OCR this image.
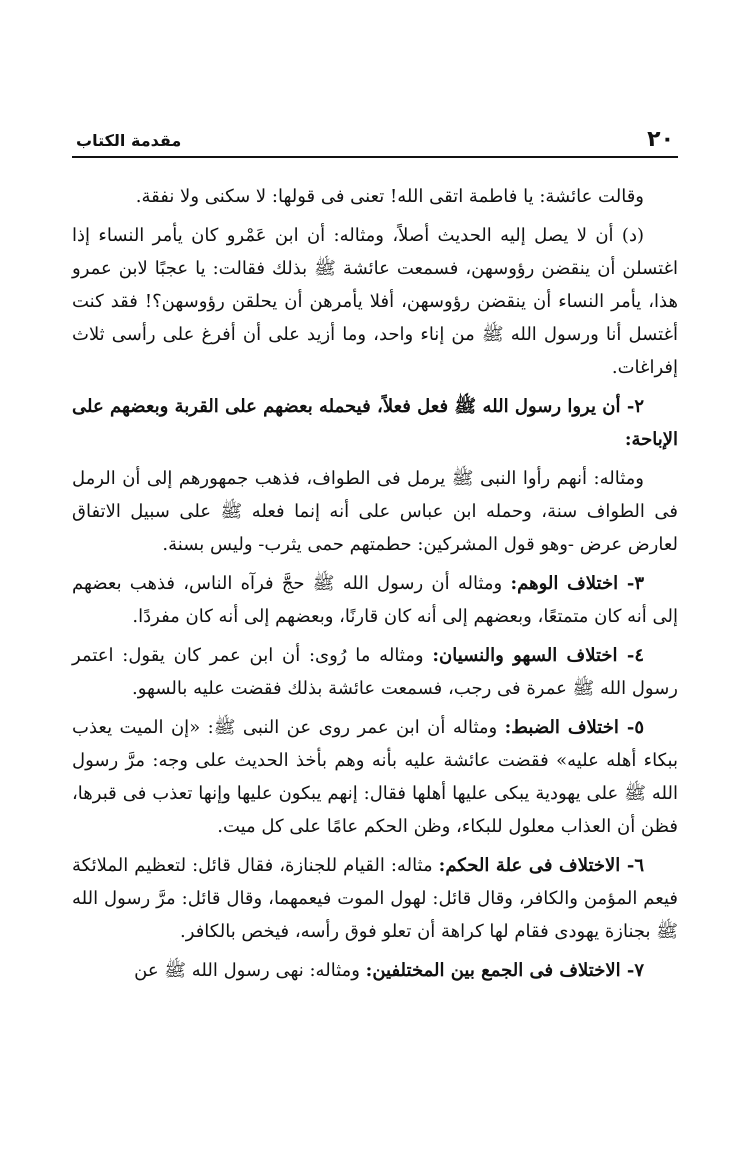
٢٠
مقدمة الكتاب

وقالت عائشة: يا فاطمة اتقى الله! تعنى فى قولها: لا سكنى ولا نفقة.

(د) أن لا يصل إليه الحديث أصلاً، ومثاله: أن ابن عَمْرو كان يأمر النساء إذا اغتسلن أن ينقضن رؤوسهن، فسمعت عائشة ﷺ بذلك فقالت: يا عجبًا لابن عمرو هذا، يأمر النساء أن ينقضن رؤوسهن، أفلا يأمرهن أن يحلقن رؤوسهن؟! فقد كنت أغتسل أنا ورسول الله ﷺ من إناء واحد، وما أزيد على أن أفرغ على رأسى ثلاث إفراغات.

٢- أن يروا رسول الله ﷺ فعل فعلاً، فيحمله بعضهم على القربة وبعضهم على الإباحة:

ومثاله: أنهم رأوا النبى ﷺ يرمل فى الطواف، فذهب جمهورهم إلى أن الرمل فى الطواف سنة، وحمله ابن عباس على أنه إنما فعله ﷺ على سبيل الاتفاق لعارض عرض -وهو قول المشركين: حطمتهم حمى يثرب- وليس بسنة.

٣- اختلاف الوهم: ومثاله أن رسول الله ﷺ حجَّ فرآه الناس، فذهب بعضهم إلى أنه كان متمتعًا، وبعضهم إلى أنه كان قارنًا، وبعضهم إلى أنه كان مفردًا.

٤- اختلاف السهو والنسيان: ومثاله ما رُوى: أن ابن عمر كان يقول: اعتمر رسول الله ﷺ عمرة فى رجب، فسمعت عائشة بذلك فقضت عليه بالسهو.

٥- اختلاف الضبط: ومثاله أن ابن عمر روى عن النبى ﷺ: «إن الميت يعذب ببكاء أهله عليه» فقضت عائشة عليه بأنه وهم بأخذ الحديث على وجه: مرَّ رسول الله ﷺ على يهودية يبكى عليها أهلها فقال: إنهم يبكون عليها وإنها تعذب فى قبرها، فظن أن العذاب معلول للبكاء، وظن الحكم عامًا على كل ميت.

٦- الاختلاف فى علة الحكم: مثاله: القيام للجنازة، فقال قائل: لتعظيم الملائكة فيعم المؤمن والكافر، وقال قائل: لهول الموت فيعمهما، وقال قائل: مرَّ رسول الله ﷺ بجنازة يهودى فقام لها كراهة أن تعلو فوق رأسه، فيخص بالكافر.

٧- الاختلاف فى الجمع بين المختلفين: ومثاله: نهى رسول الله ﷺ عن
